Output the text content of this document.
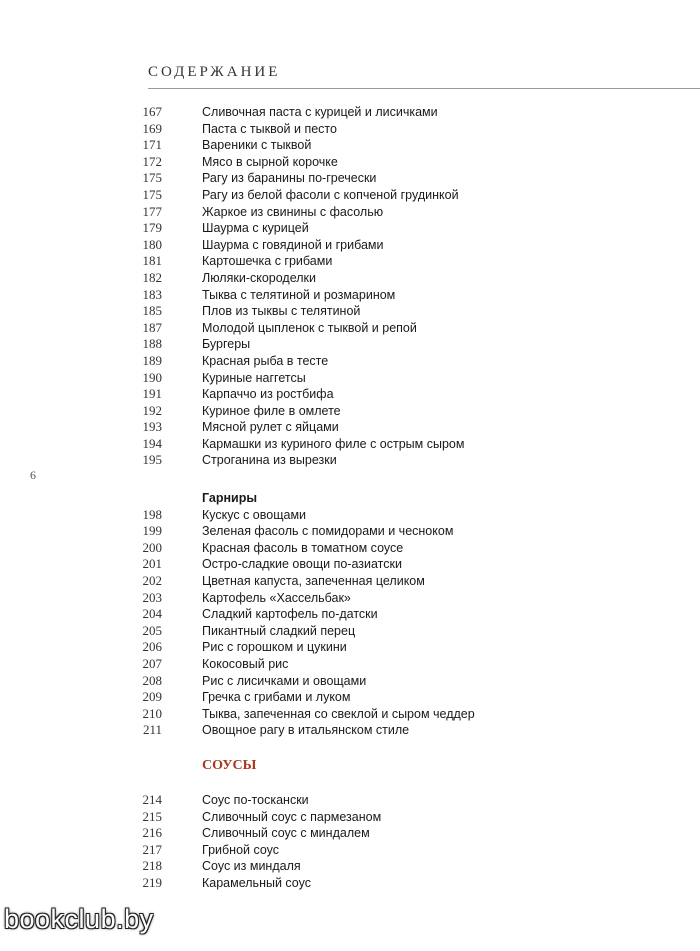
СОДЕРЖАНИЕ
6
167	Сливочная паста с курицей и лисичками
169	Паста с тыквой и песто
171	Вареники с тыквой
172	Мясо в сырной корочке
175	Рагу из баранины по-гречески
175	Рагу из белой фасоли с копченой грудинкой
177	Жаркое из свинины с фасолью
179	Шаурма с курицей
180	Шаурма с говядиной и грибами
181	Картошечка с грибами
182	Люляки-скороделки
183	Тыква с телятиной и розмарином
185	Плов из тыквы с телятиной
187	Молодой цыпленок с тыквой и репой
188	Бургеры
189	Красная рыба в тесте
190	Куриные наггетсы
191	Карпаччо из ростбифа
192	Куриное филе в омлете
193	Мясной рулет с яйцами
194	Кармашки из куриного филе с острым сыром
195	Строганина из вырезки
Гарниры
198	Кускус с овощами
199	Зеленая фасоль с помидорами и чесноком
200	Красная фасоль в томатном соусе
201	Остро-сладкие овощи по-азиатски
202	Цветная капуста, запеченная целиком
203	Картофель «Хассельбак»
204	Сладкий картофель по-датски
205	Пикантный сладкий перец
206	Рис с горошком и цукини
207	Кокосовый рис
208	Рис с лисичками и овощами
209	Гречка с грибами и луком
210	Тыква, запеченная со свеклой и сыром чеддер
211	Овощное рагу в итальянском стиле
СОУСЫ
214	Соус по-тоскански
215	Сливочный соус с пармезаном
216	Сливочный соус с миндалем
217	Грибной соус
218	Соус из миндаля
219	Карамельный соус
bookclub.by
